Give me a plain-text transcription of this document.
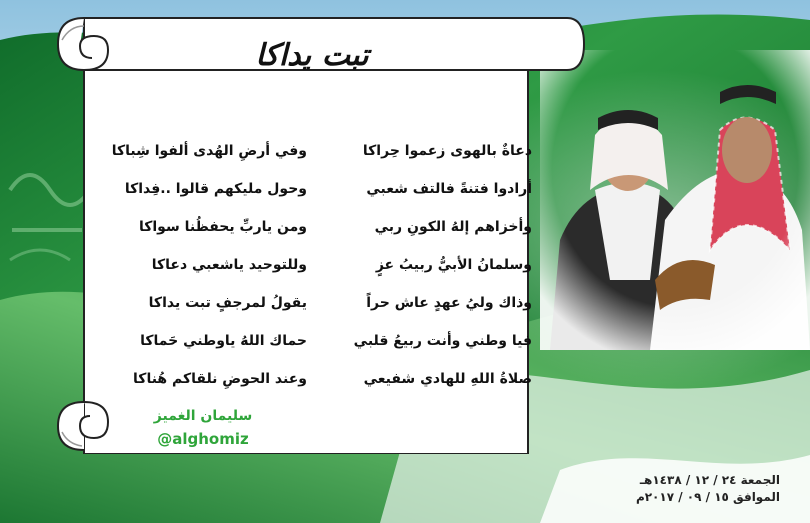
تبت يداكا
دعاةٌ بالهوى زعموا حِراكا
وفي أرضِ الهُدى ألفوا شِباكا
أرادوا فتنةً فالتف شعبي
وحول مليكهم قالوا ..فِداكا
وأخزاهم إلهُ الكونِ ربي
ومن ياربِّ يحفظُنا سواكا
وسلمانُ الأبيُّ ربيبُ عزٍ
وللتوحيد ياشعبي دعاكا
وذاك وليُ عهدٍ عاش حراً
يقولُ لمرجفٍ تبت يداكا
فيا وطني وأنت ربيعُ قلبي
حماك اللهُ ياوطني حَماكا
صلاةُ اللهِ للهادي شفيعي
وعند الحوضِ نلقاكم هُناكا
سليمان الغميز
@alghomiz
الجمعة ٢٤ / ١٢ / ١٤٣٨هـ
الموافق ١٥ / ٠٩ / ٢٠١٧م
